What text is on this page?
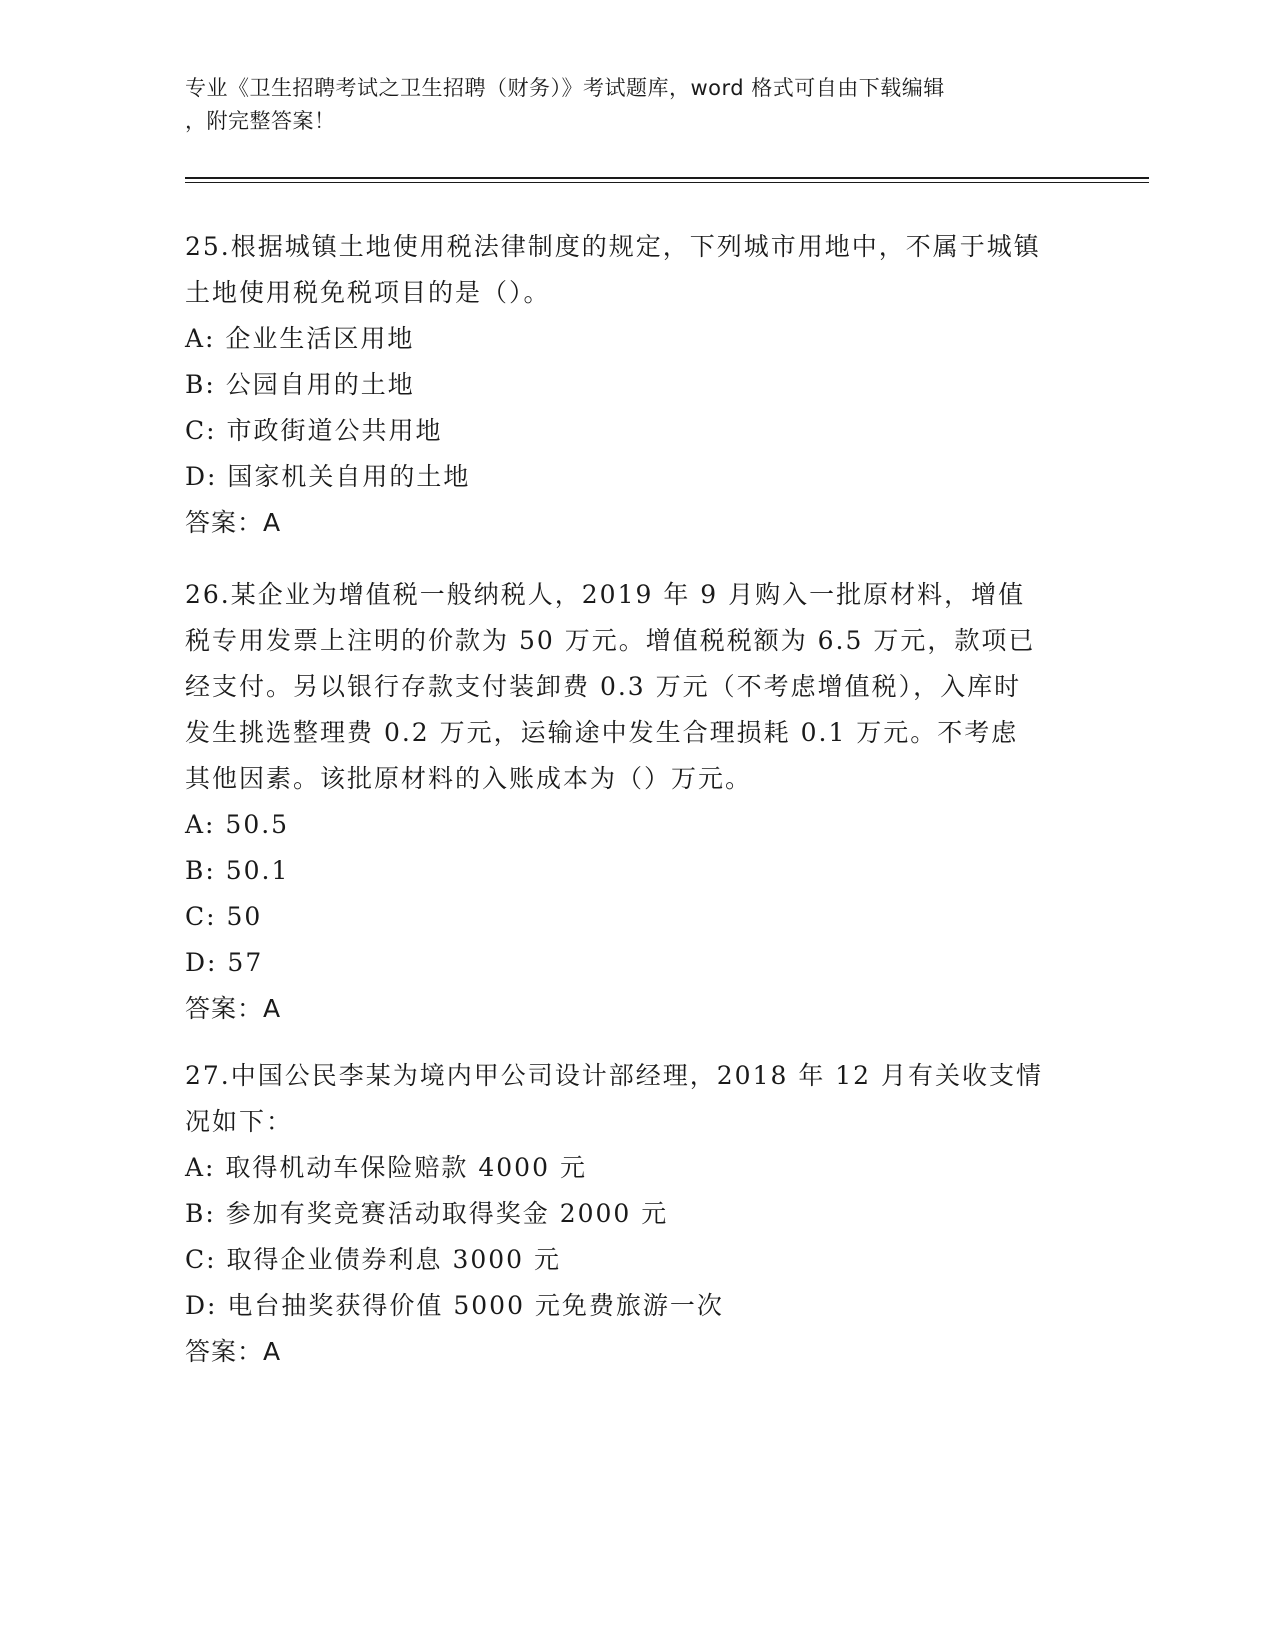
专业《卫生招聘考试之卫生招聘（财务）》考试题库，word 格式可自由下载编辑
，附完整答案！
25.根据城镇土地使用税法律制度的规定，下列城市用地中，不属于城镇土地使用税免税项目的是（）。
A: 企业生活区用地
B: 公园自用的土地
C: 市政街道公共用地
D: 国家机关自用的土地
答案：A
26.某企业为增值税一般纳税人，2019 年 9 月购入一批原材料，增值税专用发票上注明的价款为 50 万元。增值税税额为 6.5 万元，款项已经支付。另以银行存款支付装卸费 0.3 万元（不考虑增值税），入库时发生挑选整理费 0.2 万元，运输途中发生合理损耗 0.1 万元。不考虑其他因素。该批原材料的入账成本为（）万元。
A: 50.5
B: 50.1
C: 50
D: 57
答案：A
27.中国公民李某为境内甲公司设计部经理，2018 年 12 月有关收支情况如下：
A: 取得机动车保险赔款 4000 元
B: 参加有奖竞赛活动取得奖金 2000 元
C: 取得企业债券利息 3000 元
D: 电台抽奖获得价值 5000 元免费旅游一次
答案：A
